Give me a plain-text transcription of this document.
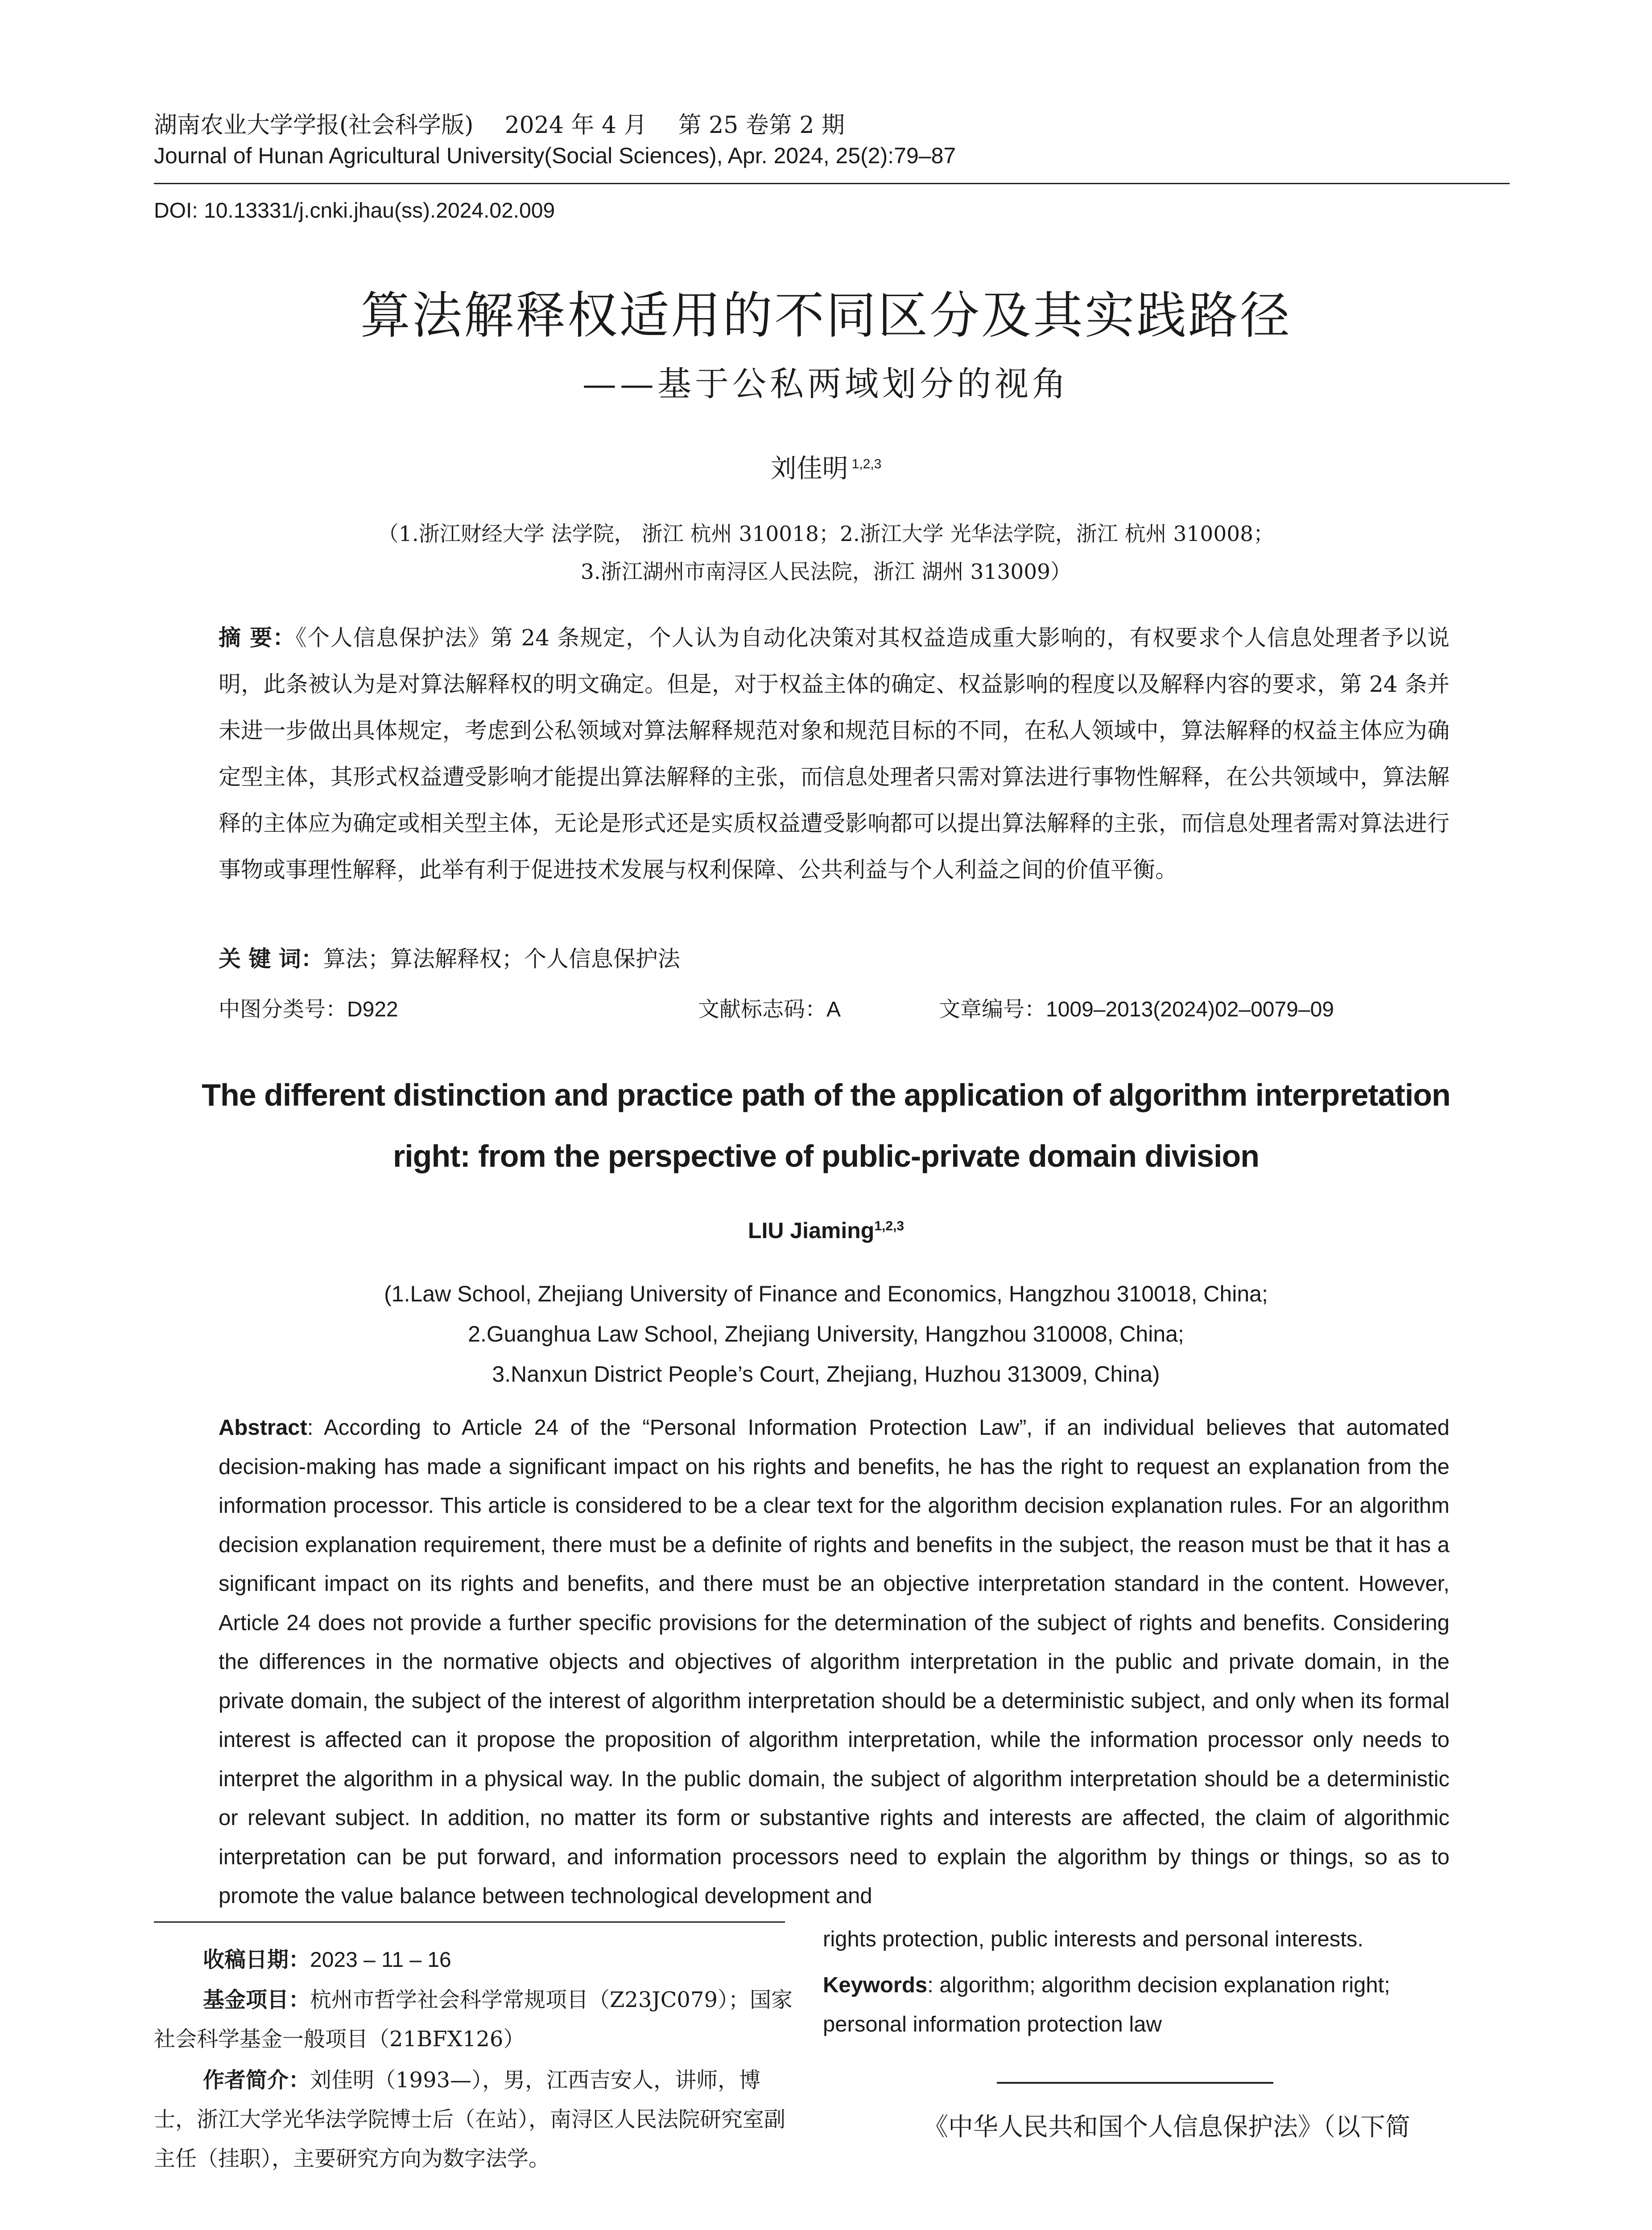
湖南农业大学学报(社会科学版) 2024 年 4 月 第 25 卷第 2 期
Journal of Hunan Agricultural University(Social Sciences), Apr. 2024, 25(2):79–87
DOI: 10.13331/j.cnki.jhau(ss).2024.02.009
算法解释权适用的不同区分及其实践路径
——基于公私两域划分的视角
刘佳明 $^{1,2,3}$
（1.浙江财经大学 法学院， 浙江 杭州 310018；2.浙江大学 光华法学院，浙江 杭州 310008；
3.浙江湖州市南浔区人民法院，浙江 湖州 313009）
摘 要：《个人信息保护法》第 24 条规定，个人认为自动化决策对其权益造成重大影响的，有权要求个人信息处理者予以说明，此条被认为是对算法解释权的明文确定。但是，对于权益主体的确定、权益影响的程度以及解释内容的要求，第 24 条并未进一步做出具体规定，考虑到公私领域对算法解释规范对象和规范目标的不同，在私人领域中，算法解释的权益主体应为确定型主体，其形式权益遭受影响才能提出算法解释的主张，而信息处理者只需对算法进行事物性解释，在公共领域中，算法解释的主体应为确定或相关型主体，无论是形式还是实质权益遭受影响都可以提出算法解释的主张，而信息处理者需对算法进行事物或事理性解释，此举有利于促进技术发展与权利保障、公共利益与个人利益之间的价值平衡。
关 键 词：算法；算法解释权；个人信息保护法
中图分类号：D922	文献标志码：A	文章编号：1009–2013(2024)02–0079–09
The different distinction and practice path of the application of algorithm interpretation
right: from the perspective of public-private domain division
LIU Jiaming$^{1,2,3}$
(1.Law School, Zhejiang University of Finance and Economics, Hangzhou 310018, China;
2.Guanghua Law School, Zhejiang University, Hangzhou 310008, China;
3.Nanxun District People’s Court, Zhejiang, Huzhou 313009, China)
Abstract: According to Article 24 of the “Personal Information Protection Law”, if an individual believes that automated decision-making has made a significant impact on his rights and benefits, he has the right to request an explanation from the information processor. This article is considered to be a clear text for the algorithm decision explanation rules. For an algorithm decision explanation requirement, there must be a definite of rights and benefits in the subject, the reason must be that it has a significant impact on its rights and benefits, and there must be an objective interpretation standard in the content. However, Article 24 does not provide a further specific provisions for the determination of the subject of rights and benefits. Considering the differences in the normative objects and objectives of algorithm interpretation in the public and private domain, in the private domain, the subject of the interest of algorithm interpretation should be a deterministic subject, and only when its formal interest is affected can it propose the proposition of algorithm interpretation, while the information processor only needs to interpret the algorithm in a physical way. In the public domain, the subject of algorithm interpretation should be a deterministic or relevant subject. In addition, no matter its form or substantive rights and interests are affected, the claim of algorithmic interpretation can be put forward, and information processors need to explain the algorithm by things or things, so as to promote the value balance between technological development and
rights protection, public interests and personal interests.
Keywords: algorithm; algorithm decision explanation right; personal information protection law
收稿日期：2023 – 11 – 16
基金项目：杭州市哲学社会科学常规项目（Z23JC079）；国家社会科学基金一般项目（21BFX126）
作者简介：刘佳明（1993—），男，江西吉安人，讲师，博士，浙江大学光华法学院博士后（在站），南浔区人民法院研究室副主任（挂职），主要研究方向为数字法学。
《中华人民共和国个人信息保护法》（以下简
